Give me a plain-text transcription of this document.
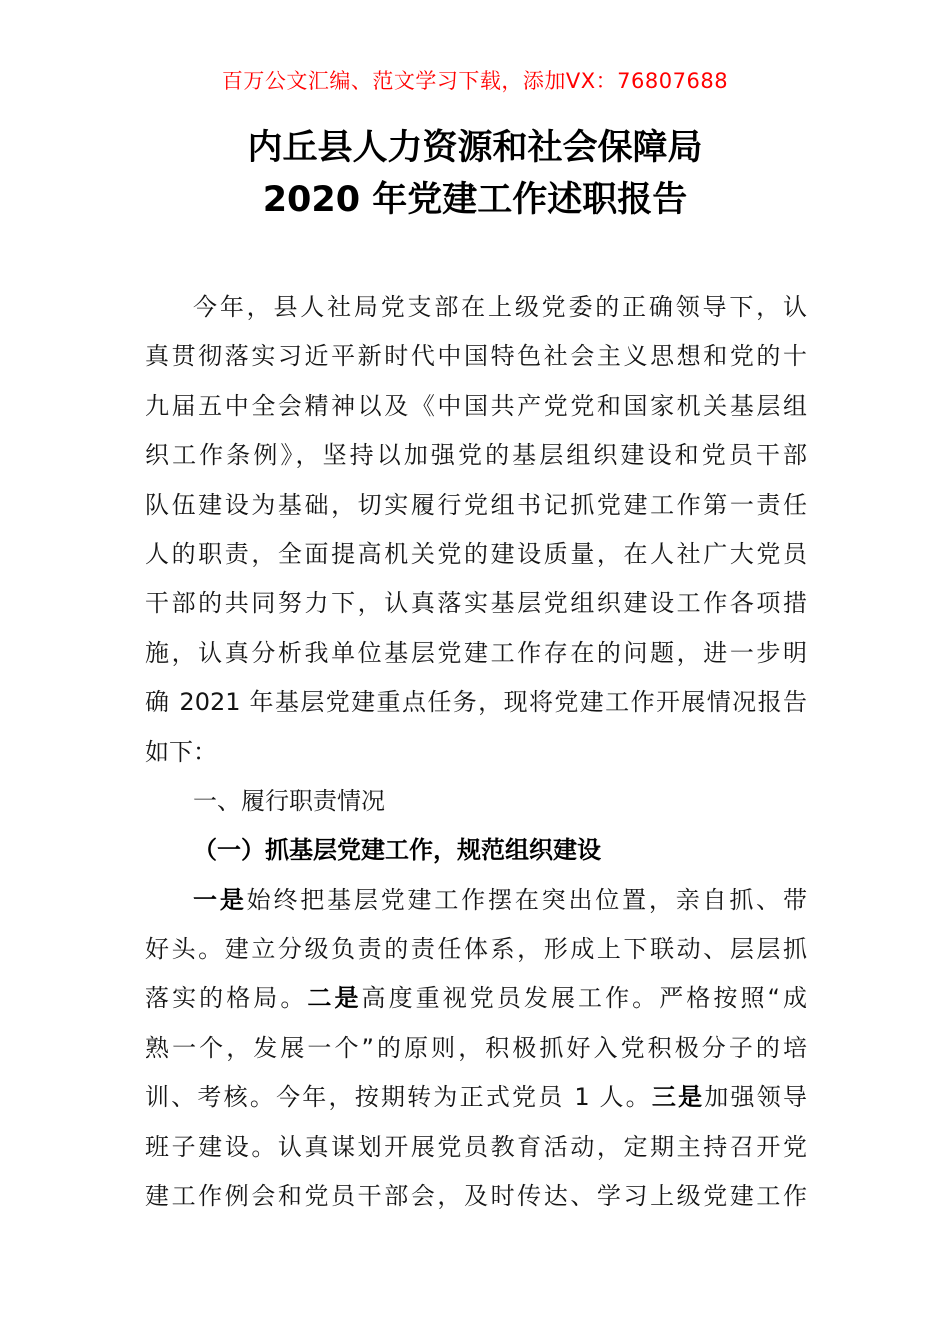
百万公文汇编、范文学习下载，添加VX：76807688
内丘县人力资源和社会保障局
2020 年党建工作述职报告
今年，县人社局党支部在上级党委的正确领导下，认
真贯彻落实习近平新时代中国特色社会主义思想和党的十
九届五中全会精神以及《中国共产党党和国家机关基层组
织工作条例》，坚持以加强党的基层组织建设和党员干部
队伍建设为基础，切实履行党组书记抓党建工作第一责任
人的职责，全面提高机关党的建设质量，在人社广大党员
干部的共同努力下，认真落实基层党组织建设工作各项措
施，认真分析我单位基层党建工作存在的问题，进一步明
确 2021 年基层党建重点任务，现将党建工作开展情况报告
如下：
一、履行职责情况
（一）抓基层党建工作，规范组织建设
一是始终把基层党建工作摆在突出位置，亲自抓、带
好头。建立分级负责的责任体系，形成上下联动、层层抓
落实的格局。二是高度重视党员发展工作。严格按照“成
熟一个，发展一个”的原则，积极抓好入党积极分子的培
训、考核。今年，按期转为正式党员 1 人。三是加强领导
班子建设。认真谋划开展党员教育活动，定期主持召开党
建工作例会和党员干部会，及时传达、学习上级党建工作
